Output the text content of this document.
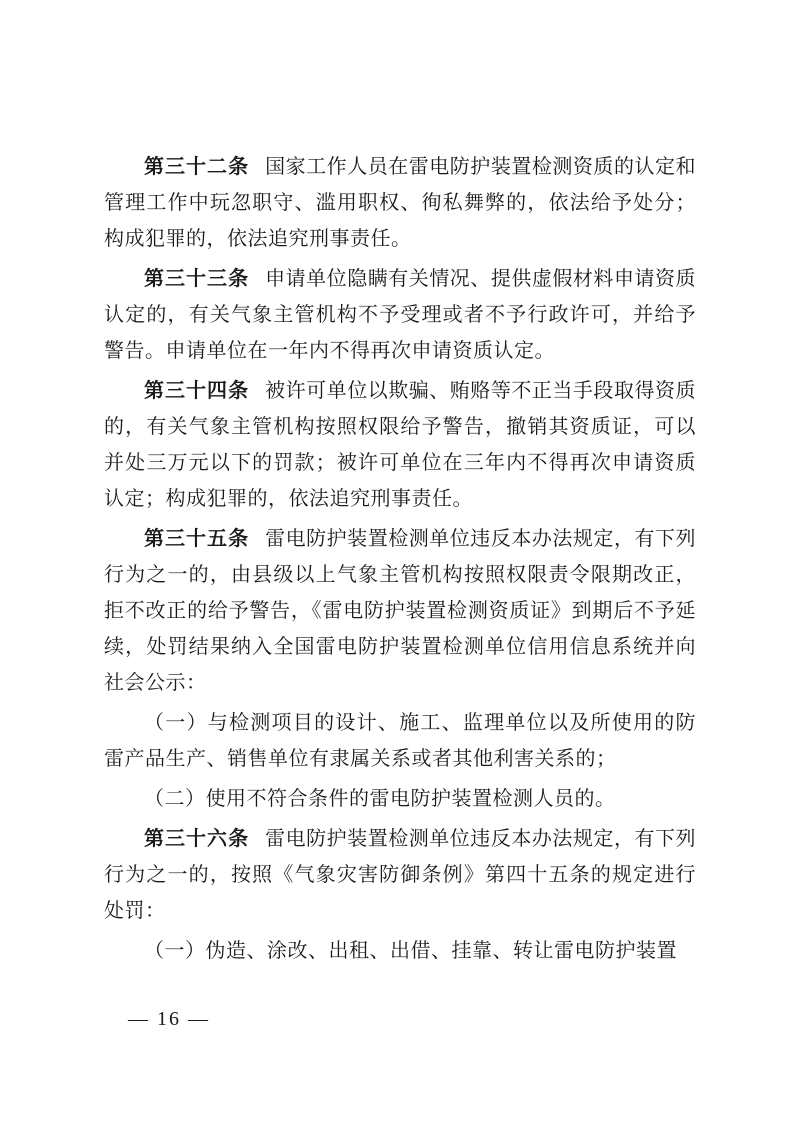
第三十二条 国家工作人员在雷电防护装置检测资质的认定和管理工作中玩忽职守、滥用职权、徇私舞弊的，依法给予处分；构成犯罪的，依法追究刑事责任。

第三十三条 申请单位隐瞒有关情况、提供虚假材料申请资质认定的，有关气象主管机构不予受理或者不予行政许可，并给予警告。申请单位在一年内不得再次申请资质认定。

第三十四条 被许可单位以欺骗、贿赂等不正当手段取得资质的，有关气象主管机构按照权限给予警告，撤销其资质证，可以并处三万元以下的罚款；被许可单位在三年内不得再次申请资质认定；构成犯罪的，依法追究刑事责任。

第三十五条 雷电防护装置检测单位违反本办法规定，有下列行为之一的，由县级以上气象主管机构按照权限责令限期改正，拒不改正的给予警告，《雷电防护装置检测资质证》到期后不予延续，处罚结果纳入全国雷电防护装置检测单位信用信息系统并向社会公示：

（一）与检测项目的设计、施工、监理单位以及所使用的防雷产品生产、销售单位有隶属关系或者其他利害关系的；

（二）使用不符合条件的雷电防护装置检测人员的。

第三十六条 雷电防护装置检测单位违反本办法规定，有下列行为之一的，按照《气象灾害防御条例》第四十五条的规定进行处罚：

（一）伪造、涂改、出租、出借、挂靠、转让雷电防护装置

— 16 —
